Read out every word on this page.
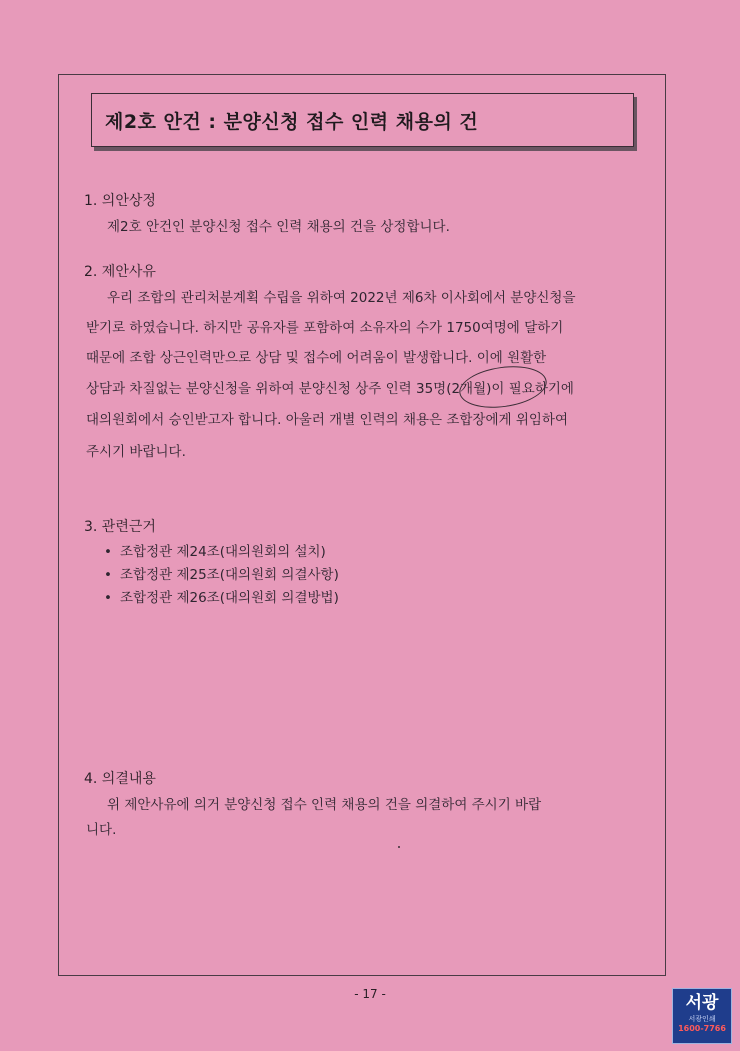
제2호 안건 : 분양신청 접수 인력 채용의 건
1. 의안상정
제2호 안건인 분양신청 접수 인력 채용의 건을 상정합니다.
2. 제안사유
우리 조합의 관리처분계획 수립을 위하여 2022년 제6차 이사회에서 분양신청을
받기로 하였습니다. 하지만 공유자를 포함하여 소유자의 수가 1750여명에 달하기
때문에 조합 상근인력만으로 상담 및 접수에 어려움이 발생합니다. 이에 원활한
상담과 차질없는 분양신청을 위하여 분양신청 상주 인력 35명(2개월)이 필요하기에
대의원회에서 승인받고자 합니다. 아울러 개별 인력의 채용은 조합장에게 위임하여
주시기 바랍니다.
3. 관련근거
• 조합정관 제24조(대의원회의 설치)
• 조합정관 제25조(대의원회 의결사항)
• 조합정관 제26조(대의원회 의결방법)
4. 의결내용
위 제안사유에 의거 분양신청 접수 인력 채용의 건을 의결하여 주시기 바랍
니다.
- 17 -	서광
서광인쇄
1600-7766
